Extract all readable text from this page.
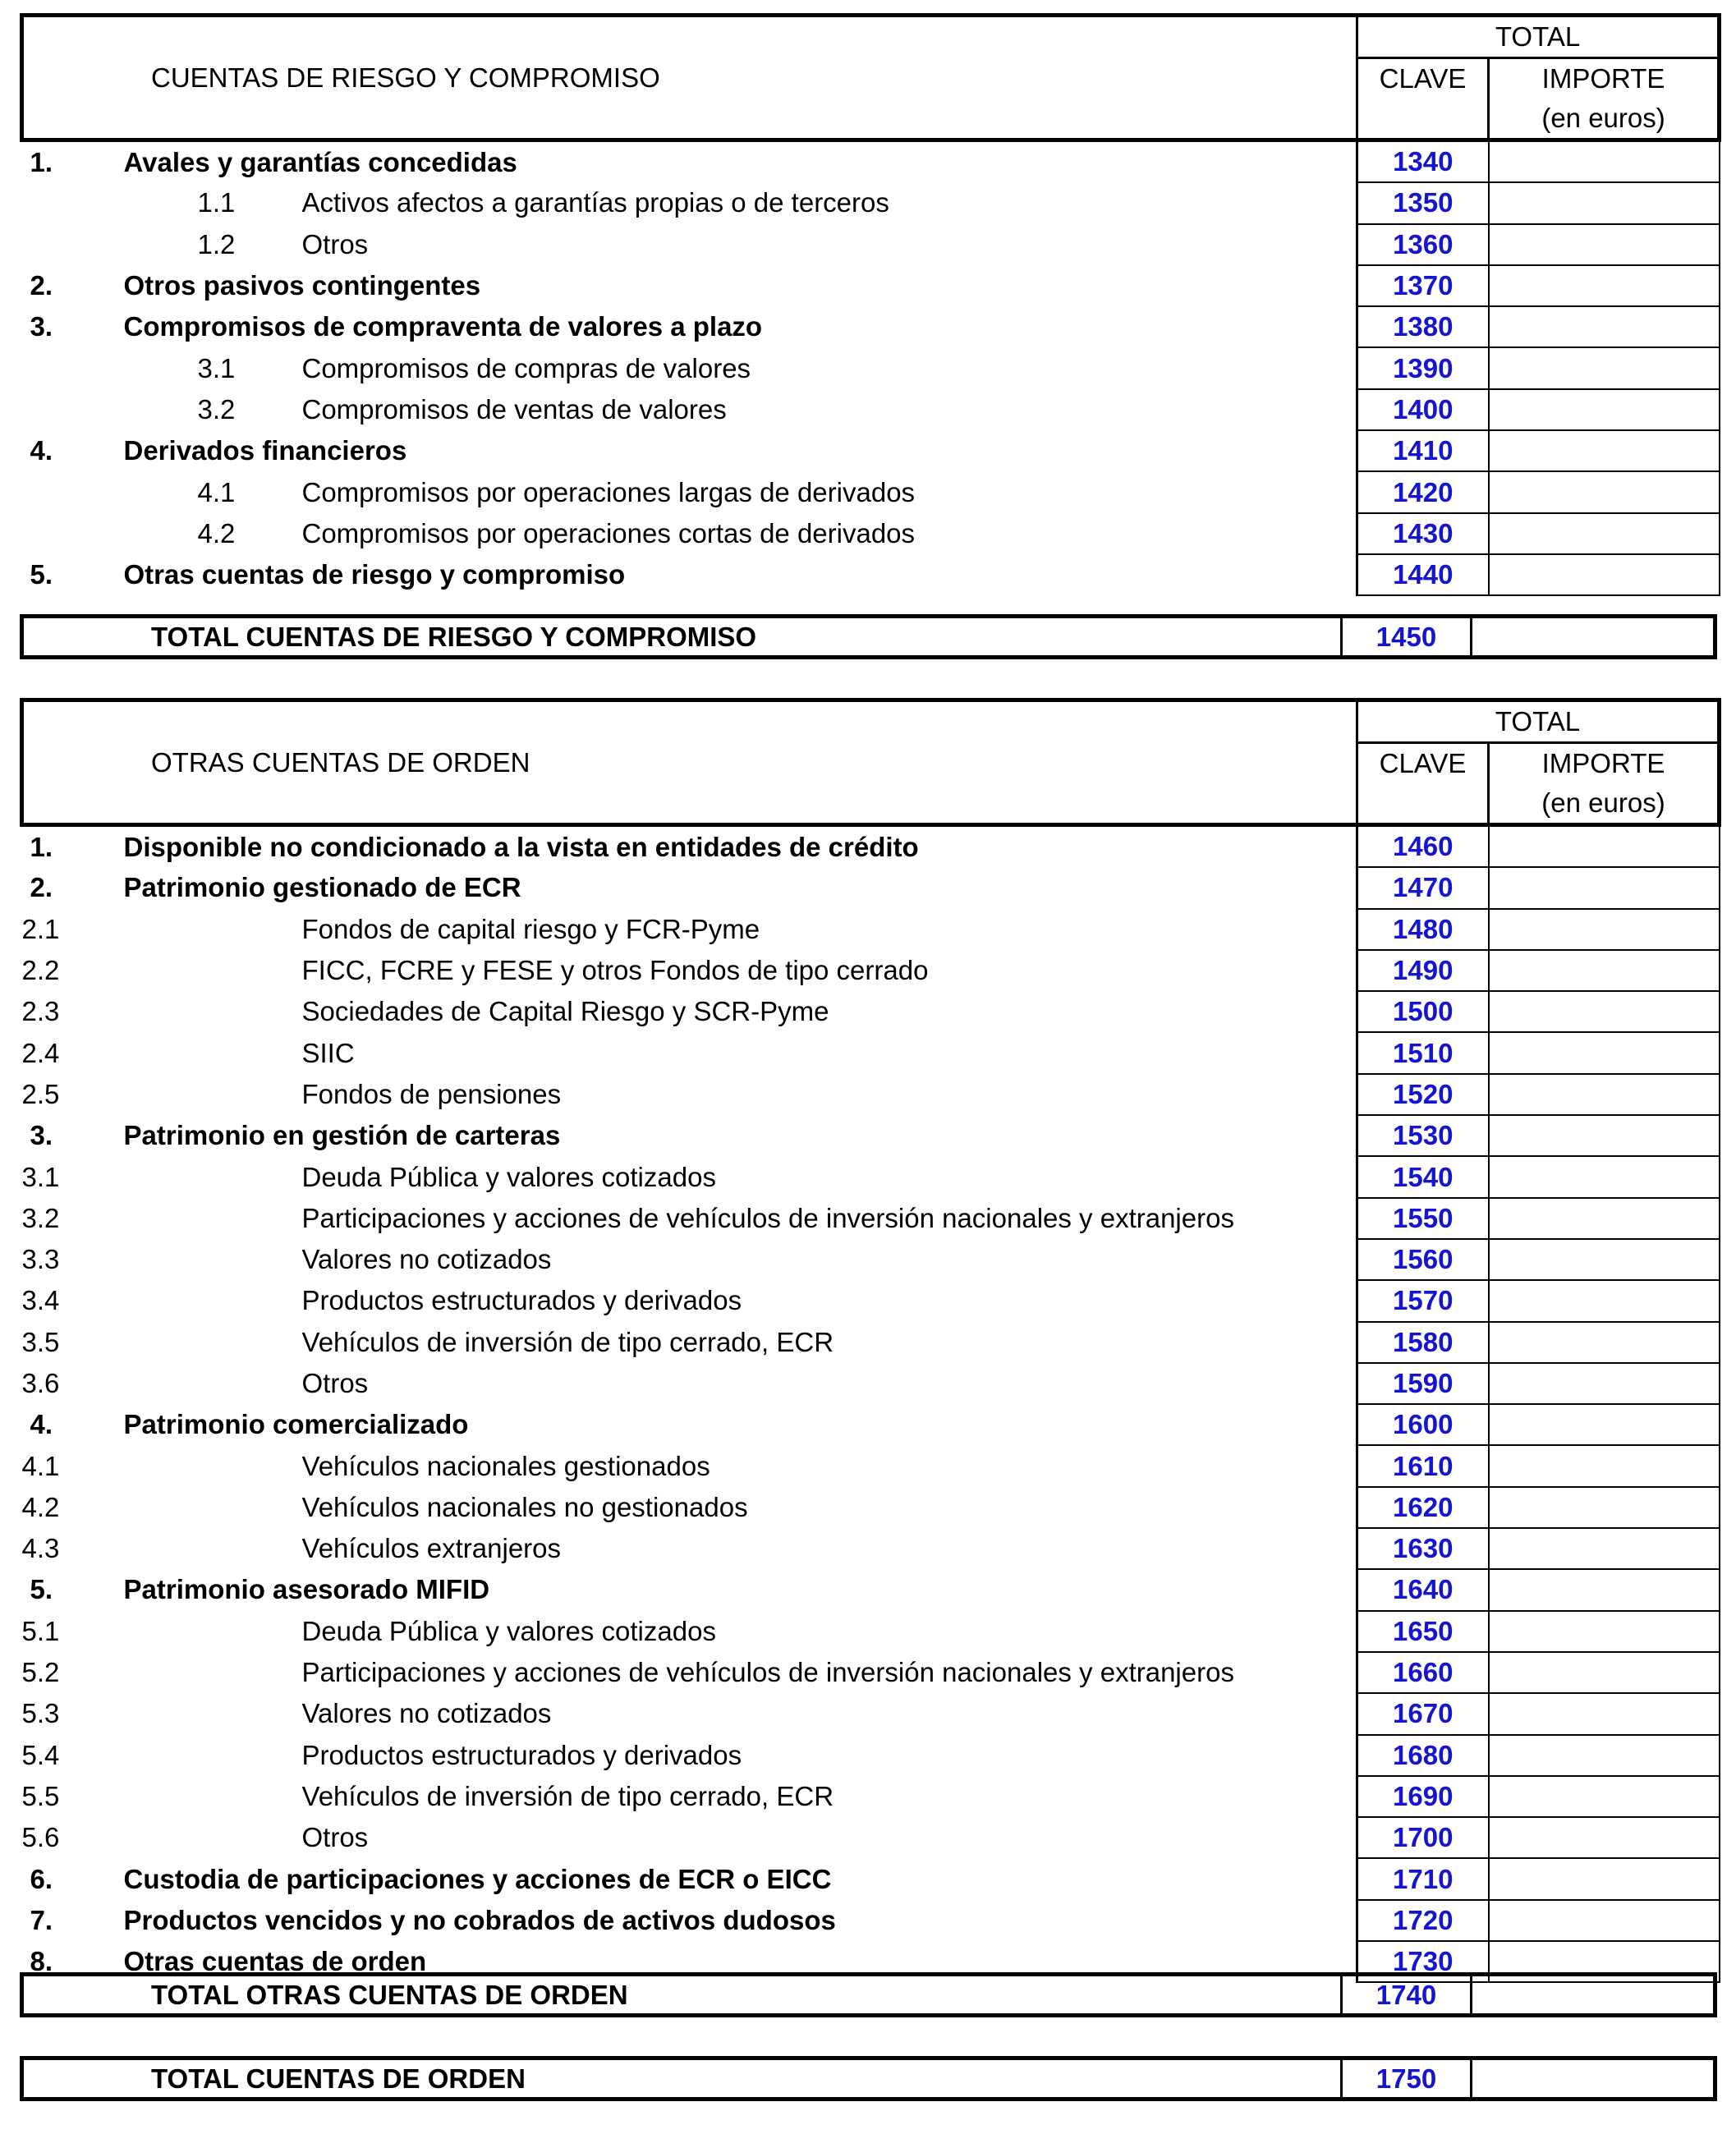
CUENTAS DE RIESGO Y COMPROMISO			TOTAL	
			CLAVE	IMPORTE
(en euros)
1.	Avales y garantías concedidas		1340	
	1.1	Activos afectos a garantías propias o de terceros	1350	
	1.2	Otros	1360	
2.	Otros pasivos contingentes		1370	
3.	Compromisos de compraventa de valores a plazo		1380	
	3.1	Compromisos de compras de valores	1390	
	3.2	Compromisos de ventas de valores	1400	
4.	Derivados financieros		1410	
	4.1	Compromisos por operaciones largas de derivados	1420	
	4.2	Compromisos por operaciones cortas de derivados	1430	
5.	Otras cuentas de riesgo y compromiso		1440	
TOTAL CUENTAS DE RIESGO Y COMPROMISO	1450
OTRAS CUENTAS DE ORDEN	TOTAL
CLAVE	IMPORTE
(en euros)
1.	Disponible no condicionado a la vista en entidades de crédito	1460	
2.	Patrimonio gestionado de ECR	1470	
	2.1	Fondos de capital riesgo y FCR-Pyme	1480	
	2.2	FICC, FCRE y FESE y otros Fondos de tipo cerrado	1490	
	2.3	Sociedades de Capital Riesgo y SCR-Pyme	1500	
	2.4	SIIC	1510	
	2.5	Fondos de pensiones	1520	
3.	Patrimonio en gestión de carteras	1530	
	3.1	Deuda Pública y valores cotizados	1540	
	3.2	Participaciones y acciones de vehículos de inversión nacionales y extranjeros	1550	
	3.3	Valores no cotizados	1560	
	3.4	Productos estructurados y derivados	1570	
	3.5	Vehículos de inversión de tipo cerrado, ECR	1580	
	3.6	Otros	1590	
4.	Patrimonio comercializado	1600	
	4.1	Vehículos nacionales gestionados	1610	
	4.2	Vehículos nacionales no gestionados	1620	
	4.3	Vehículos extranjeros	1630	
5.	Patrimonio asesorado MIFID	1640	
	5.1	Deuda Pública y valores cotizados	1650	
	5.2	Participaciones y acciones de vehículos de inversión nacionales y extranjeros	1660	
	5.3	Valores no cotizados	1670	
	5.4	Productos estructurados y derivados	1680	
	5.5	Vehículos de inversión de tipo cerrado, ECR	1690	
	5.6	Otros	1700	
6.	Custodia de participaciones y acciones de ECR o EICC	1710	
7.	Productos vencidos y no cobrados de activos dudosos	1720	
8.	Otras cuentas de orden	1730	
TOTAL OTRAS CUENTAS DE ORDEN	1740
TOTAL CUENTAS DE ORDEN	1750
